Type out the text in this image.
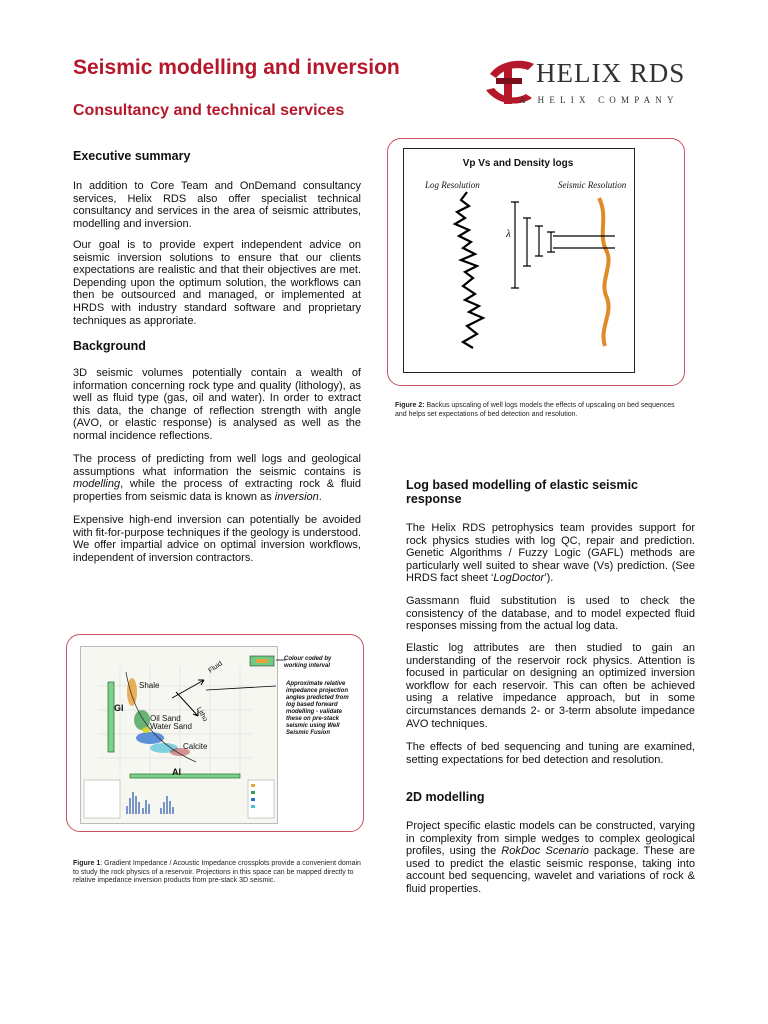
Seismic modelling and inversion
Consultancy and technical services
HELIX RDS
A HELIX COMPANY
Executive summary

In addition to Core Team and OnDemand consultancy services, Helix RDS also offer specialist technical consultancy and services in the area of seismic attributes, modelling and inversion.

Our goal is to provide expert independent advice on seismic inversion solutions to ensure that our clients expectations are realistic and that their objectives are met. Depending upon the optimum solution, the workflows can then be outsourced and managed, or implemented at HRDS with industry standard software and proprietary techniques as approriate.

Background

3D seismic volumes potentially contain a wealth of information concerning rock type and quality (lithology), as well as fluid type (gas, oil and water). In order to extract this data, the change of reflection strength with angle (AVO, or elastic response) is analysed as well as the normal incidence reflections.

The process of predicting from well logs and geological assumptions what information the seismic contains is modelling, while the process of extracting rock & fluid properties from seismic data is known as inversion.

Expensive high-end inversion can potentially be avoided with fit-for-purpose techniques if the geology is understood. We offer impartial advice on optimal inversion workflows, independent of inversion contractors.

Vp Vs and Density logs
Log Resolution	Seismic Resolution
λ

Figure 2: Backus upscaling of well logs models the effects of upscaling on bed sequences and helps set expectations of bed detection and resolution.

Log based modelling of elastic seismic response

The Helix RDS petrophysics team provides support for rock physics studies with log QC, repair and prediction. Genetic Algorithms / Fuzzy Logic (GAFL) methods are particularly well suited to shear wave (Vs) prediction. (See HRDS fact sheet ‘LogDoctor’).

Gassmann fluid substitution is used to check the consistency of the database, and to model expected fluid responses missing from the actual log data.

Elastic log attributes are then studied to gain an understanding of the reservoir rock physics. Attention is focused in particular on designing an optimized inversion workflow for each reservoir. This can often be achieved using a relative impedance approach, but in some circumstances demands 2- or 3-term absolute impedance AVO techniques.

The effects of bed sequencing and tuning are examined, setting expectations for bed detection and resolution.

2D modelling

Project specific elastic models can be constructed, varying in complexity from simple wedges to complex geological profiles, using the RokDoc Scenario package. These are used to predict the elastic seismic response, taking into account bed sequencing, wavelet and variations of rock & fluid properties.

Shale
Oil Sand
Water Sand
Calcite
GI
AI
Fluid
Litho
Colour coded by working interval
Approximate relative impedance projection angles predicted from log based forward modelling - validate these on pre-stack seismic using Well Seismic Fusion

Figure 1: Gradient Impedance / Acoustic Impedance crossplots provide a convenient domain to study the rock physics of a reservoir. Projections in this space can be mapped directly to relative impedance inversion products from pre-stack 3D seismic.
